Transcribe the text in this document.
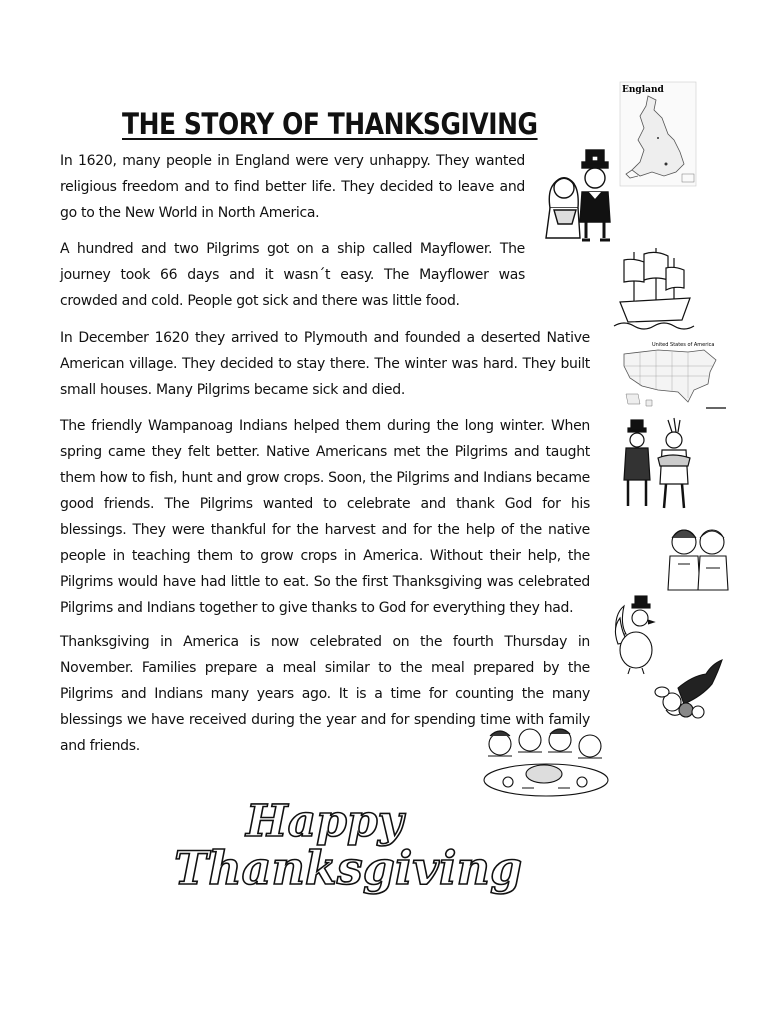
THE STORY OF THANKSGIVING

In 1620, many people in England were very unhappy. They wanted religious freedom and to find better life. They decided to leave and go to the New World in North America.

A hundred and two Pilgrims got on a ship called Mayflower. The journey took 66 days and it wasn´t easy. The Mayflower was crowded and cold. People got sick and there was little food.

In December 1620 they arrived to Plymouth and founded a deserted Native American village. They decided to stay there. The winter was hard. They built small houses. Many Pilgrims became sick and died.

The friendly Wampanoag Indians helped them during the long winter. When spring came they felt better. Native Americans met the Pilgrims and taught them how to fish, hunt and grow crops. Soon, the Pilgrims and Indians became good friends. The Pilgrims wanted to celebrate and thank God for his blessings. They were thankful for the harvest and for the help of the native people in teaching them to grow crops in America. Without their help, the Pilgrims would have had little to eat. So the first Thanksgiving was celebrated Pilgrims and Indians together to give thanks to God for everything they had.

Thanksgiving in America is now celebrated on the fourth Thursday in November. Families prepare a meal similar to the meal prepared by the Pilgrims and Indians many years ago. It is a time for counting the many blessings we have received during the year and for spending time with family and friends.

England
United States of America
Happy
Thanksgiving
